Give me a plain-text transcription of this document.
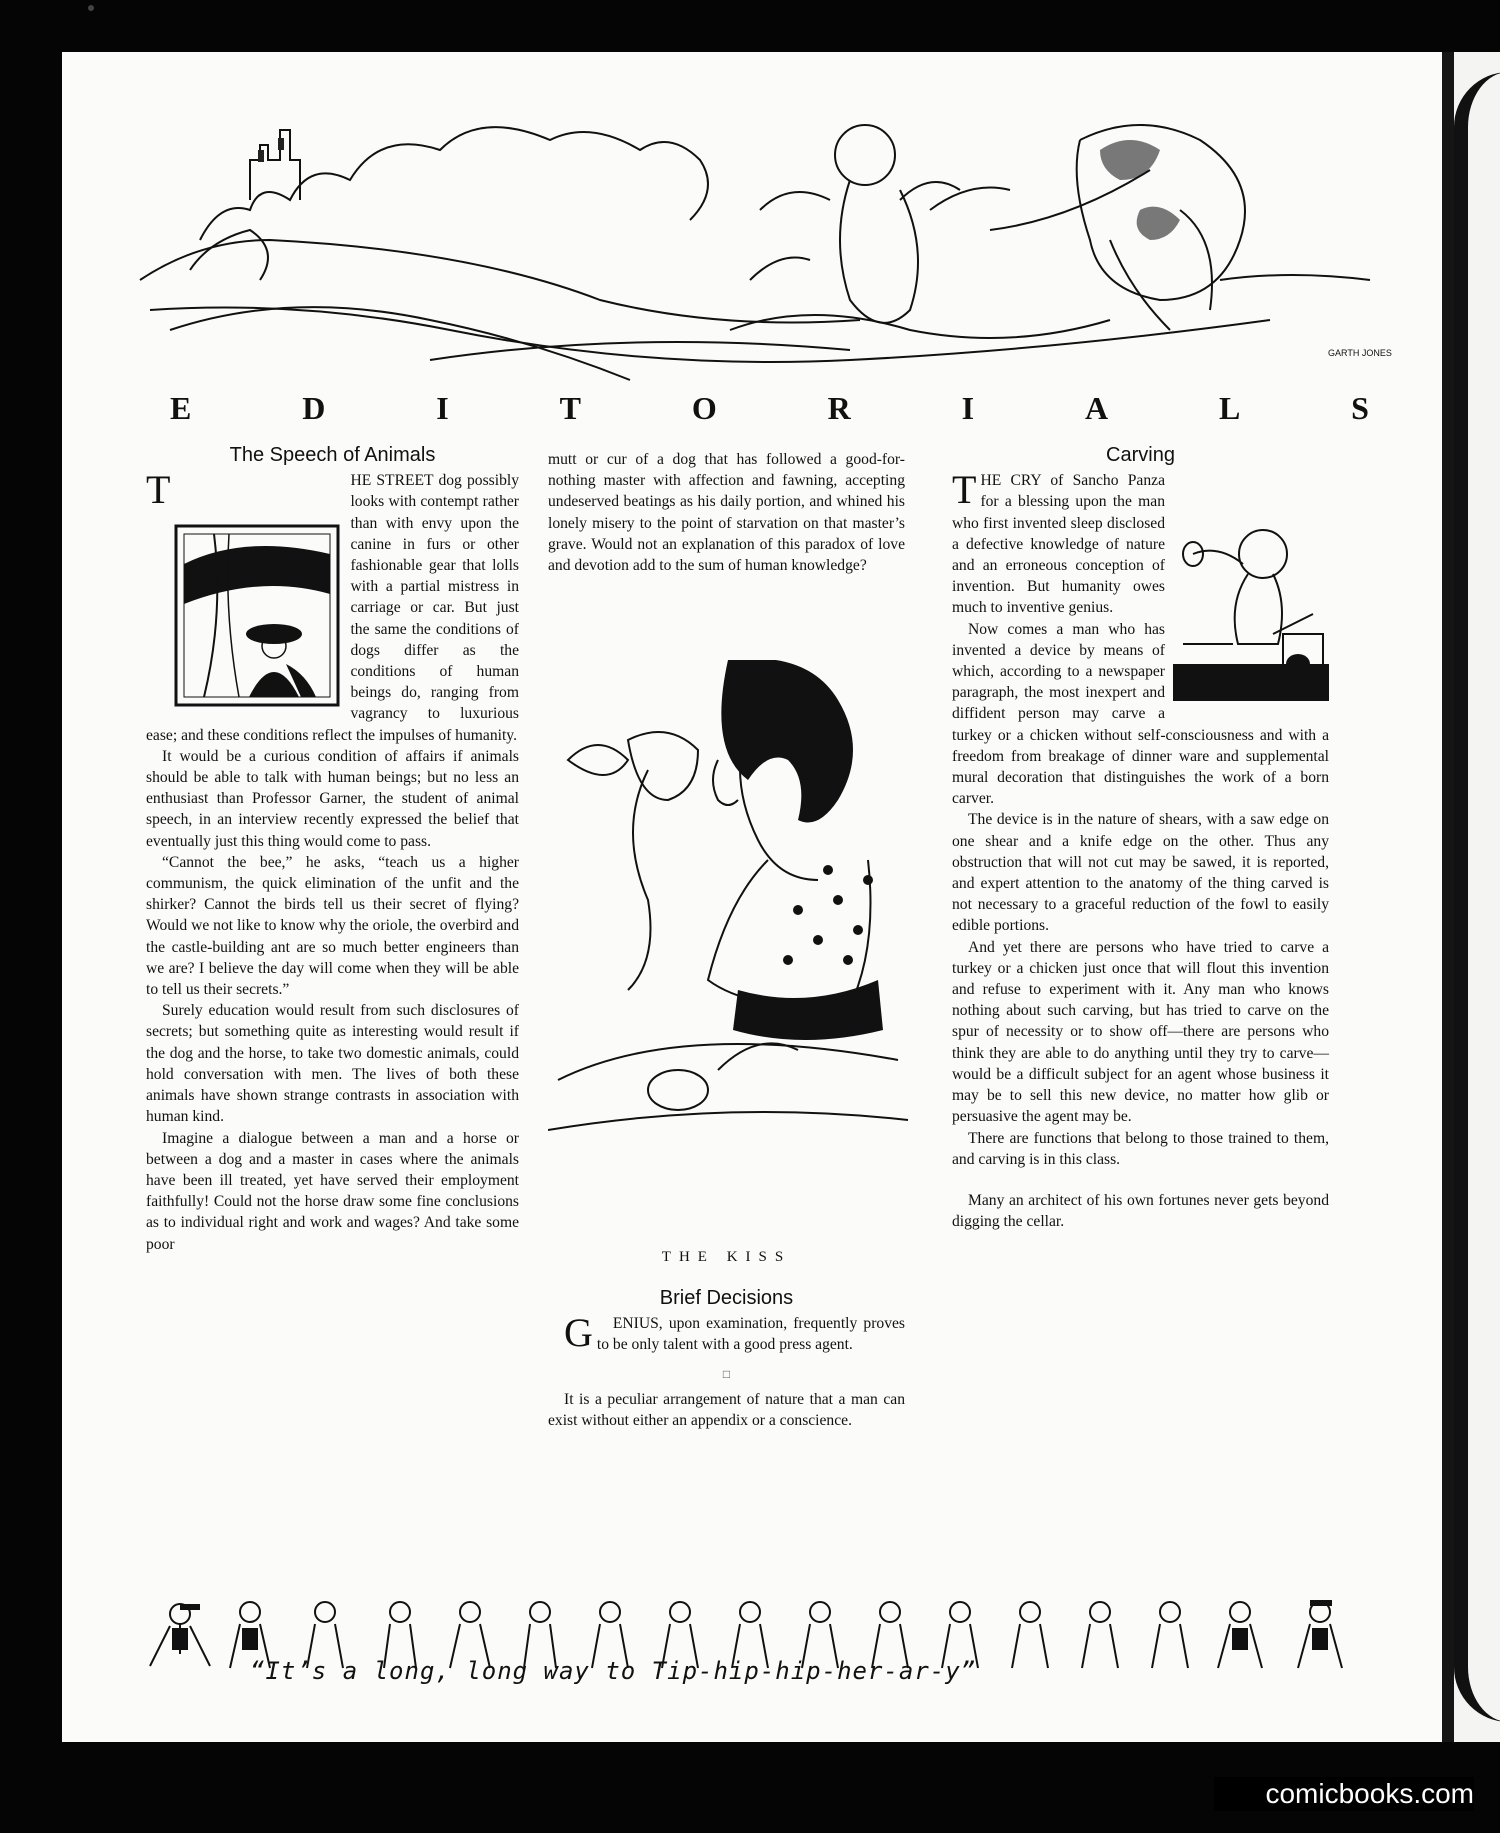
GARTH JONES
E	D	I	T	O	R	I	A	L	S
The Speech of Animals

T	HE STREET dog possibly looks with contempt rather than with envy upon the canine in furs or other fashionable gear that lolls with a partial mistress in carriage or car. But just the same the conditions of dogs differ as the conditions of human beings do, ranging from vagrancy to luxurious ease; and these conditions reflect the impulses of humanity.

It would be a curious condition of affairs if animals should be able to talk with human beings; but no less an enthusiast than Professor Garner, the student of animal speech, in an interview recently expressed the belief that eventually just this thing would come to pass.

“Cannot the bee,” he asks, “teach us a higher communism, the quick elimination of the unfit and the shirker? Cannot the birds tell us their secret of flying? Would we not like to know why the oriole, the overbird and the castle-building ant are so much better engineers than we are? I believe the day will come when they will be able to tell us their secrets.”

Surely education would result from such disclosures of secrets; but something quite as interesting would result if the dog and the horse, to take two domestic animals, could hold conversation with men. The lives of both these animals have shown strange contrasts in association with human kind.

Imagine a dialogue between a man and a horse or between a dog and a master in cases where the animals have been ill treated, yet have served their employment faithfully! Could not the horse draw some fine conclusions as to individual right and work and wages? And take some poor

mutt or cur of a dog that has followed a good-for-nothing master with affection and fawning, accepting undeserved beatings as his daily portion, and whined his lonely misery to the point of starvation on that master’s grave. Would not an explanation of this paradox of love and devotion add to the sum of human knowledge?

THE KISS
Brief Decisions

G ENIUS, upon examination, frequently proves to be only talent with a good press agent.

□

It is a peculiar arrangement of nature that a man can exist without either an appendix or a conscience.

Carving

T HE CRY of Sancho Panza for a blessing upon the man who first invented sleep disclosed a defective knowledge of nature and an erroneous conception of invention. But humanity owes much to inventive genius.

Now comes a man who has invented a device by means of which, according to a newspaper paragraph, the most inexpert and diffident person may carve a turkey or a chicken without self-consciousness and with a freedom from breakage of dinner ware and supplemental mural decoration that distinguishes the work of a born carver.

The device is in the nature of shears, with a saw edge on one shear and a knife edge on the other. Thus any obstruction that will not cut may be sawed, it is reported, and expert attention to the anatomy of the thing carved is not necessary to a graceful reduction of the fowl to easily edible portions.

And yet there are persons who have tried to carve a turkey or a chicken just once that will flout this invention and refuse to experiment with it. Any man who knows nothing about such carving, but has tried to carve on the spur of necessity or to show off—there are persons who think they are able to do anything until they try to carve—would be a difficult subject for an agent whose business it may be to sell this new device, no matter how glib or persuasive the agent may be.

There are functions that belong to those trained to them, and carving is in this class.

Many an architect of his own fortunes never gets beyond digging the cellar.

“It’s a long, long way to Tip-hip-hip-her-ar-y”
comicbooks.com
